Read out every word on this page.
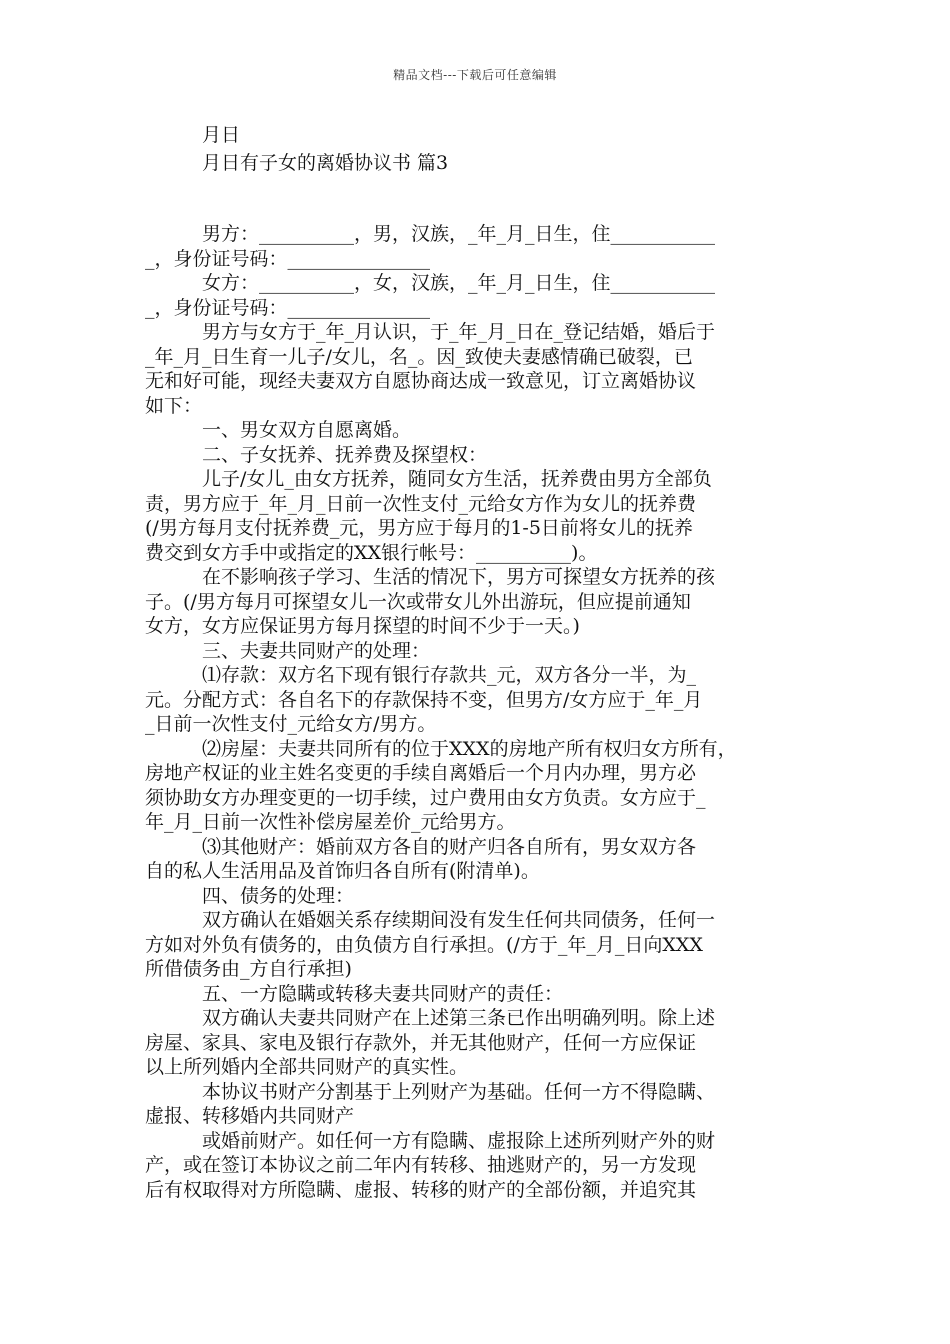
精品文档---下载后可任意编辑
月日
月日有子女的离婚协议书 篇3
男方：__________，男，汉族，_年_月_日生，住___________
_，身份证号码：_______________
女方：__________，女，汉族，_年_月_日生，住___________
_，身份证号码：_______________
男方与女方于_年_月认识，于_年_月_日在_登记结婚，婚后于
_年_月_日生育一儿子/女儿，名_。因_致使夫妻感情确已破裂，已
无和好可能，现经夫妻双方自愿协商达成一致意见，订立离婚协议
如下：
一、男女双方自愿离婚。
二、子女抚养、抚养费及探望权：
儿子/女儿_由女方抚养，随同女方生活，抚养费由男方全部负
责，男方应于_年_月_日前一次性支付_元给女方作为女儿的抚养费
(/男方每月支付抚养费_元，男方应于每月的1-5日前将女儿的抚养
费交到女方手中或指定的XX银行帐号：__________)。
在不影响孩子学习、生活的情况下，男方可探望女方抚养的孩
子。(/男方每月可探望女儿一次或带女儿外出游玩，但应提前通知
女方，女方应保证男方每月探望的时间不少于一天。)
三、夫妻共同财产的处理：
⑴存款：双方名下现有银行存款共_元，双方各分一半，为_
元。分配方式：各自名下的存款保持不变，但男方/女方应于_年_月
_日前一次性支付_元给女方/男方。
⑵房屋：夫妻共同所有的位于XXX的房地产所有权归女方所有，
房地产权证的业主姓名变更的手续自离婚后一个月内办理，男方必
须协助女方办理变更的一切手续，过户费用由女方负责。女方应于_
年_月_日前一次性补偿房屋差价_元给男方。
⑶其他财产：婚前双方各自的财产归各自所有，男女双方各
自的私人生活用品及首饰归各自所有(附清单)。
四、债务的处理：
双方确认在婚姻关系存续期间没有发生任何共同债务，任何一
方如对外负有债务的，由负债方自行承担。(/方于_年_月_日向XXX
所借债务由_方自行承担)
五、一方隐瞒或转移夫妻共同财产的责任：
双方确认夫妻共同财产在上述第三条已作出明确列明。除上述
房屋、家具、家电及银行存款外，并无其他财产，任何一方应保证
以上所列婚内全部共同财产的真实性。
本协议书财产分割基于上列财产为基础。任何一方不得隐瞒、
虚报、转移婚内共同财产
或婚前财产。如任何一方有隐瞒、虚报除上述所列财产外的财
产，或在签订本协议之前二年内有转移、抽逃财产的，另一方发现
后有权取得对方所隐瞒、虚报、转移的财产的全部份额，并追究其
